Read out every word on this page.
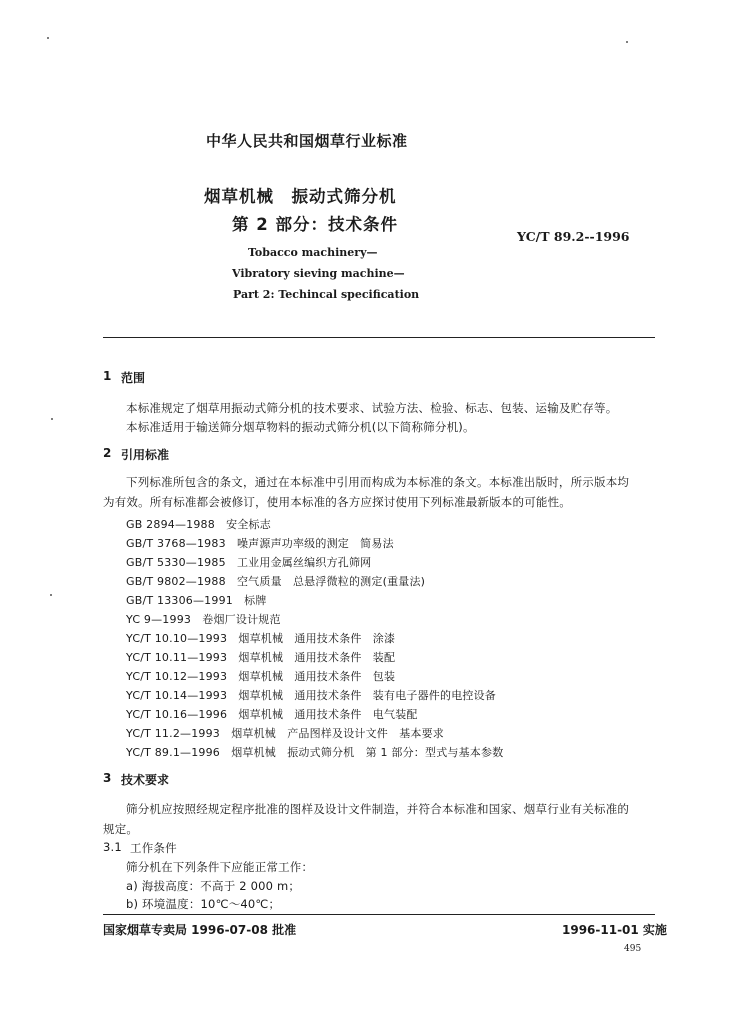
中华人民共和国烟草行业标准
烟草机械　振动式筛分机
第 2 部分：技术条件
YC/T 89.2--1996
Tobacco machinery—
Vibratory sieving machine—
Part 2: Techincal specification
1 范围
本标准规定了烟草用振动式筛分机的技术要求、试验方法、检验、标志、包装、运输及贮存等。
本标准适用于输送筛分烟草物料的振动式筛分机(以下简称筛分机)。
2 引用标准
下列标准所包含的条文，通过在本标准中引用而构成为本标准的条文。本标准出版时，所示版本均
为有效。所有标准都会被修订，使用本标准的各方应探讨使用下列标准最新版本的可能性。
GB 2894—1988　安全标志
GB/T 3768—1983　噪声源声功率级的测定　简易法
GB/T 5330—1985　工业用金属丝编织方孔筛网
GB/T 9802—1988　空气质量　总悬浮微粒的测定(重量法)
GB/T 13306—1991　标牌
YC 9—1993　卷烟厂设计规范
YC/T 10.10—1993　烟草机械　通用技术条件　涂漆
YC/T 10.11—1993　烟草机械　通用技术条件　装配
YC/T 10.12—1993　烟草机械　通用技术条件　包装
YC/T 10.14—1993　烟草机械　通用技术条件　装有电子器件的电控设备
YC/T 10.16—1996　烟草机械　通用技术条件　电气装配
YC/T 11.2—1993　烟草机械　产品图样及设计文件　基本要求
YC/T 89.1—1996　烟草机械　振动式筛分机　第 1 部分：型式与基本参数
3 技术要求
筛分机应按照经规定程序批准的图样及设计文件制造，并符合本标准和国家、烟草行业有关标准的
规定。
3.1 工作条件
筛分机在下列条件下应能正常工作：
a) 海拔高度：不高于 2 000 m；
b) 环境温度：10℃～40℃；
国家烟草专卖局 1996-07-08 批准	1996-11-01 实施
495
